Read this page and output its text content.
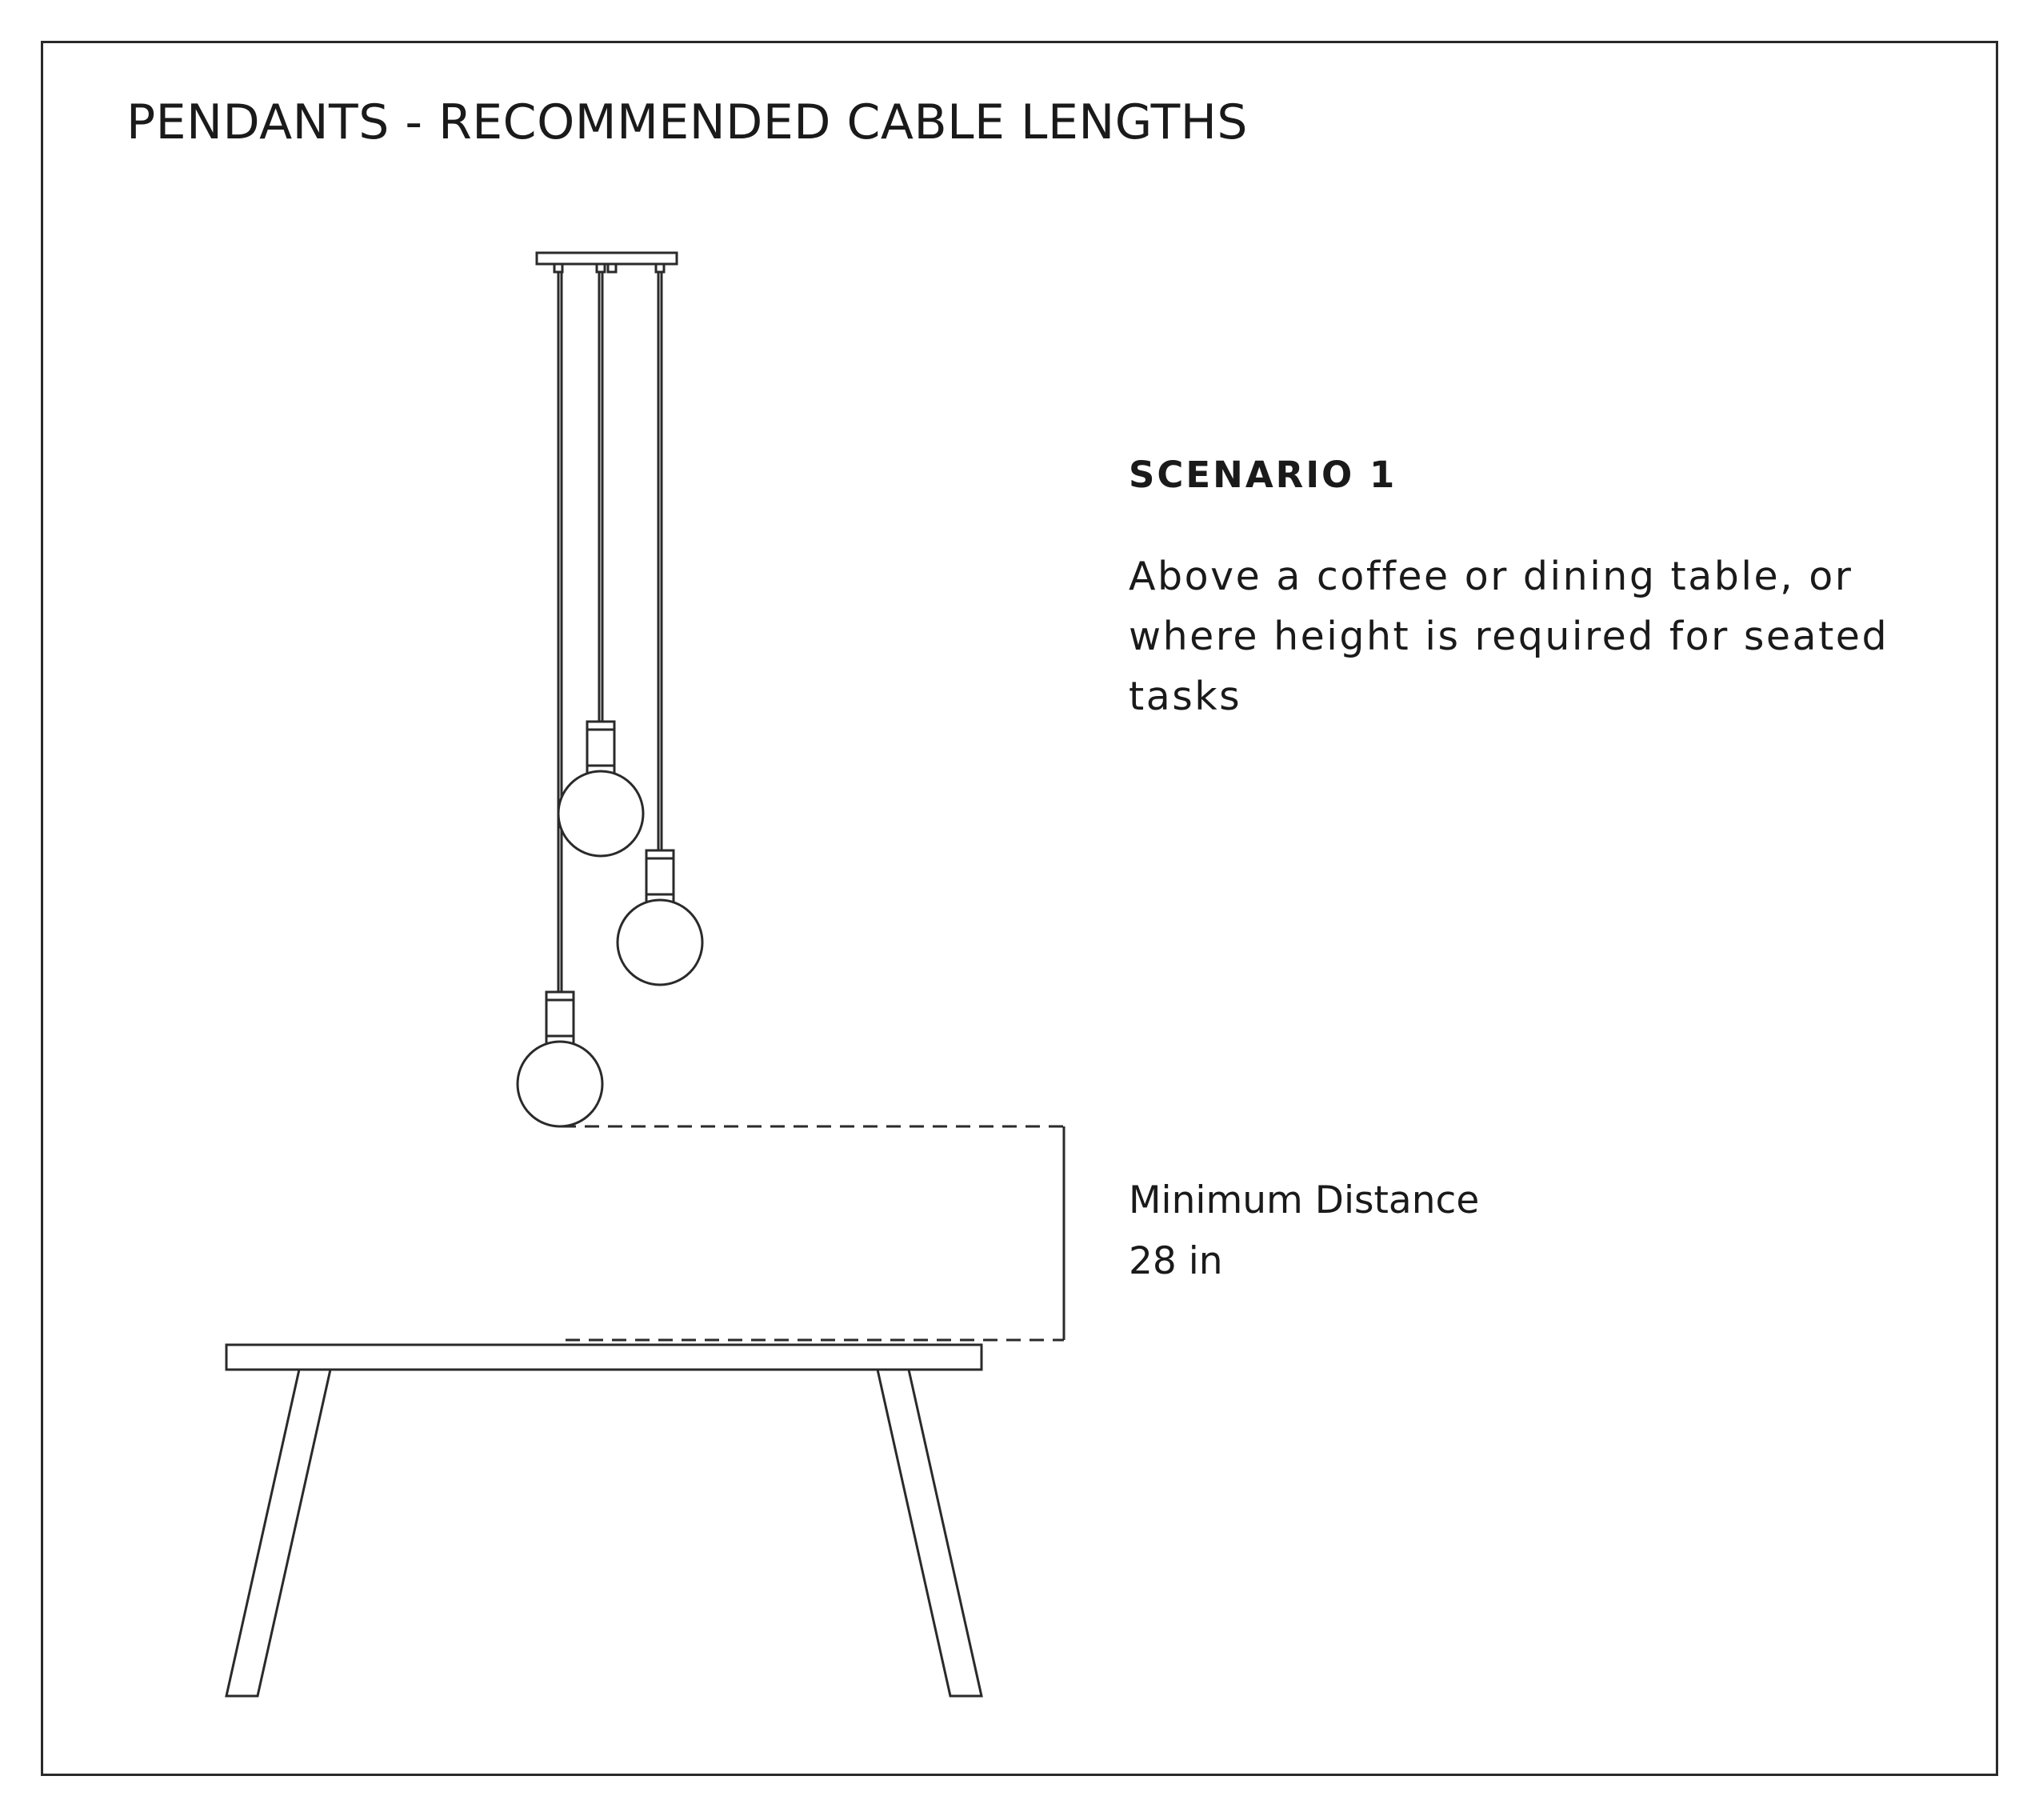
PENDANTS - RECOMMENDED CABLE LENGTHS
SCENARIO 1

Above a coffee or dining table, or where height is required for seated tasks

Minimum Distance
28 in
